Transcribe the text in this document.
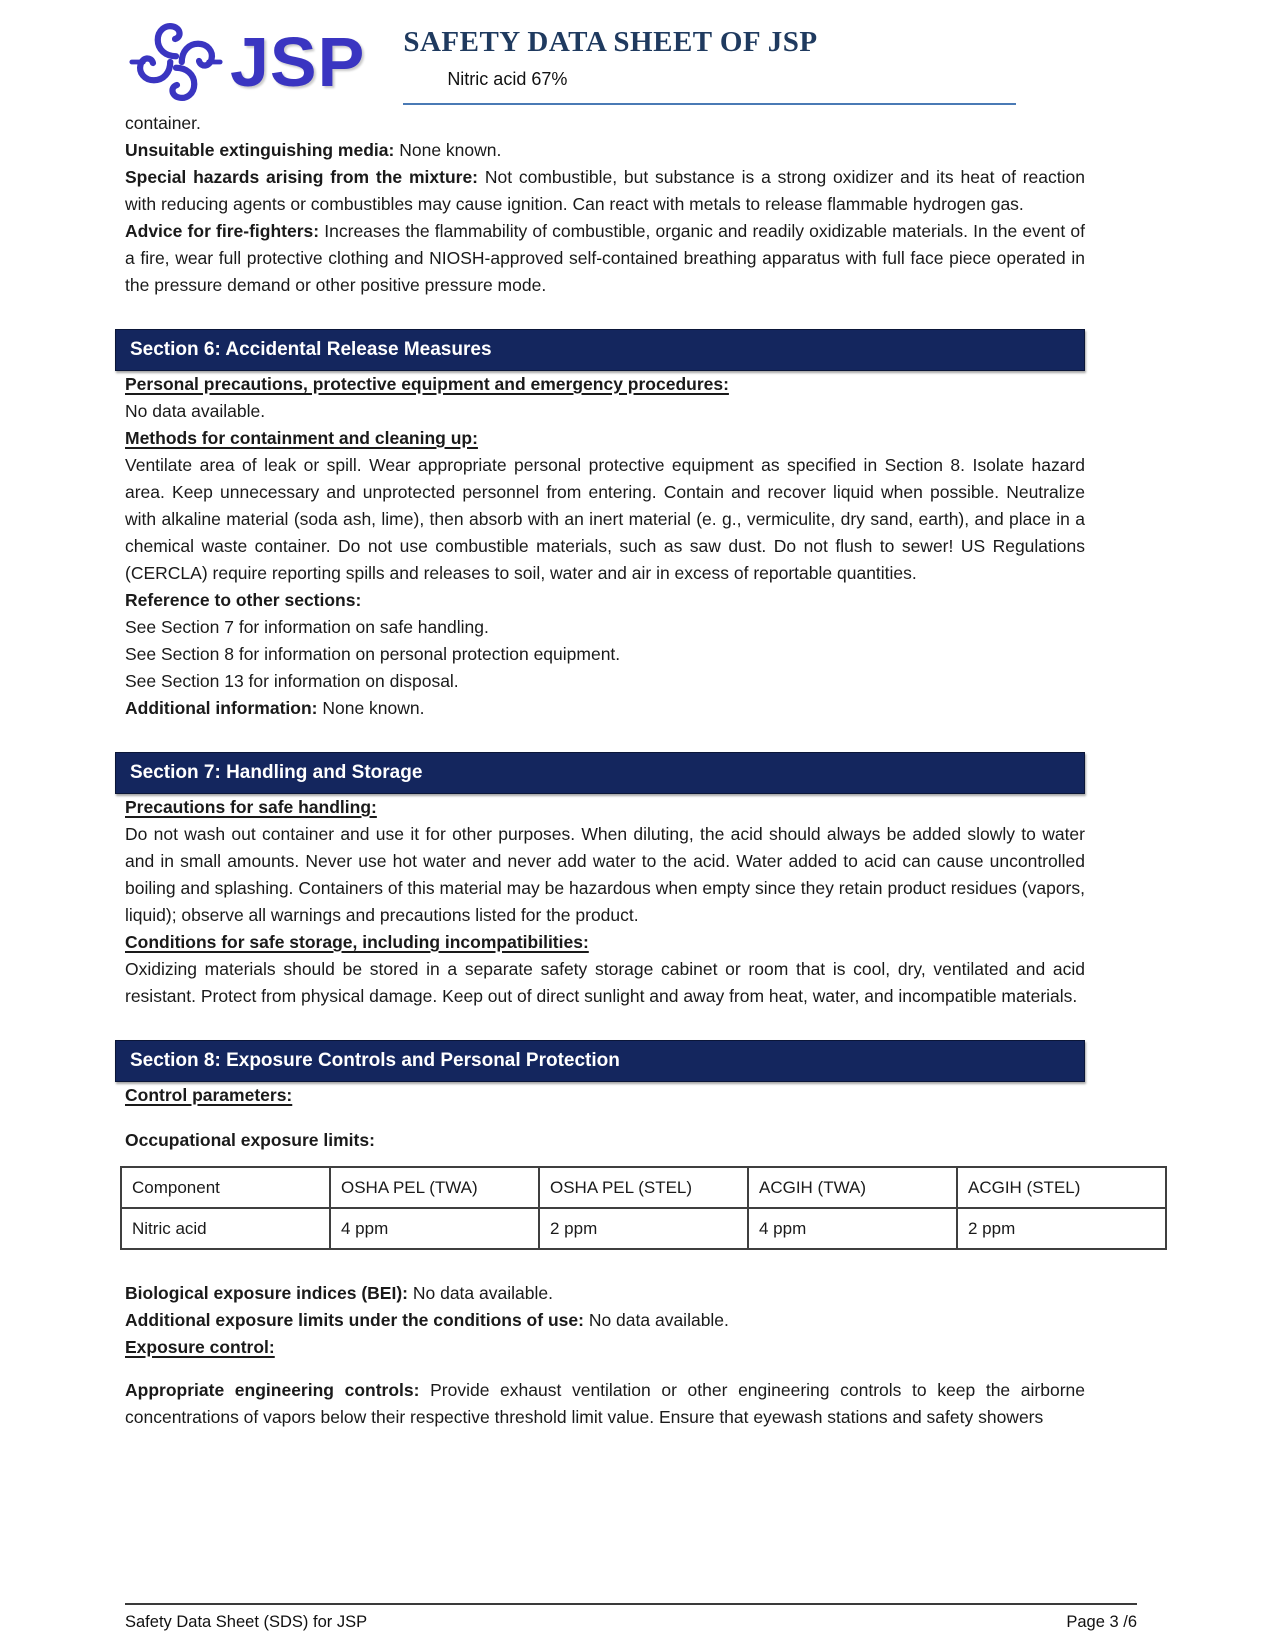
JSP SAFETY DATA SHEET OF JSP
Nitric acid 67%

container.

Unsuitable extinguishing media: None known.

Special hazards arising from the mixture: Not combustible, but substance is a strong oxidizer and its heat of reaction with reducing agents or combustibles may cause ignition. Can react with metals to release flammable hydrogen gas.

Advice for fire-fighters: Increases the flammability of combustible, organic and readily oxidizable materials. In the event of a fire, wear full protective clothing and NIOSH-approved self-contained breathing apparatus with full face piece operated in the pressure demand or other positive pressure mode.

Section 6: Accidental Release Measures

Personal precautions, protective equipment and emergency procedures:

No data available.

Methods for containment and cleaning up:

Ventilate area of leak or spill. Wear appropriate personal protective equipment as specified in Section 8. Isolate hazard area. Keep unnecessary and unprotected personnel from entering. Contain and recover liquid when possible. Neutralize with alkaline material (soda ash, lime), then absorb with an inert material (e. g., vermiculite, dry sand, earth), and place in a chemical waste container. Do not use combustible materials, such as saw dust. Do not flush to sewer! US Regulations (CERCLA) require reporting spills and releases to soil, water and air in excess of reportable quantities.

Reference to other sections:

See Section 7 for information on safe handling.

See Section 8 for information on personal protection equipment.

See Section 13 for information on disposal.

Additional information: None known.

Section 7: Handling and Storage

Precautions for safe handling:

Do not wash out container and use it for other purposes. When diluting, the acid should always be added slowly to water and in small amounts. Never use hot water and never add water to the acid. Water added to acid can cause uncontrolled boiling and splashing. Containers of this material may be hazardous when empty since they retain product residues (vapors, liquid); observe all warnings and precautions listed for the product.

Conditions for safe storage, including incompatibilities:

Oxidizing materials should be stored in a separate safety storage cabinet or room that is cool, dry, ventilated and acid resistant. Protect from physical damage. Keep out of direct sunlight and away from heat, water, and incompatible materials.

Section 8: Exposure Controls and Personal Protection

Control parameters:

Occupational exposure limits:

Component	OSHA PEL (TWA)	OSHA PEL (STEL)	ACGIH (TWA)	ACGIH (STEL)
Nitric acid	4 ppm	2 ppm	4 ppm	2 ppm

Biological exposure indices (BEI): No data available.

Additional exposure limits under the conditions of use: No data available.

Exposure control:

Appropriate engineering controls: Provide exhaust ventilation or other engineering controls to keep the airborne concentrations of vapors below their respective threshold limit value. Ensure that eyewash stations and safety showers

Safety Data Sheet (SDS) for JSP	Page 3 /6
